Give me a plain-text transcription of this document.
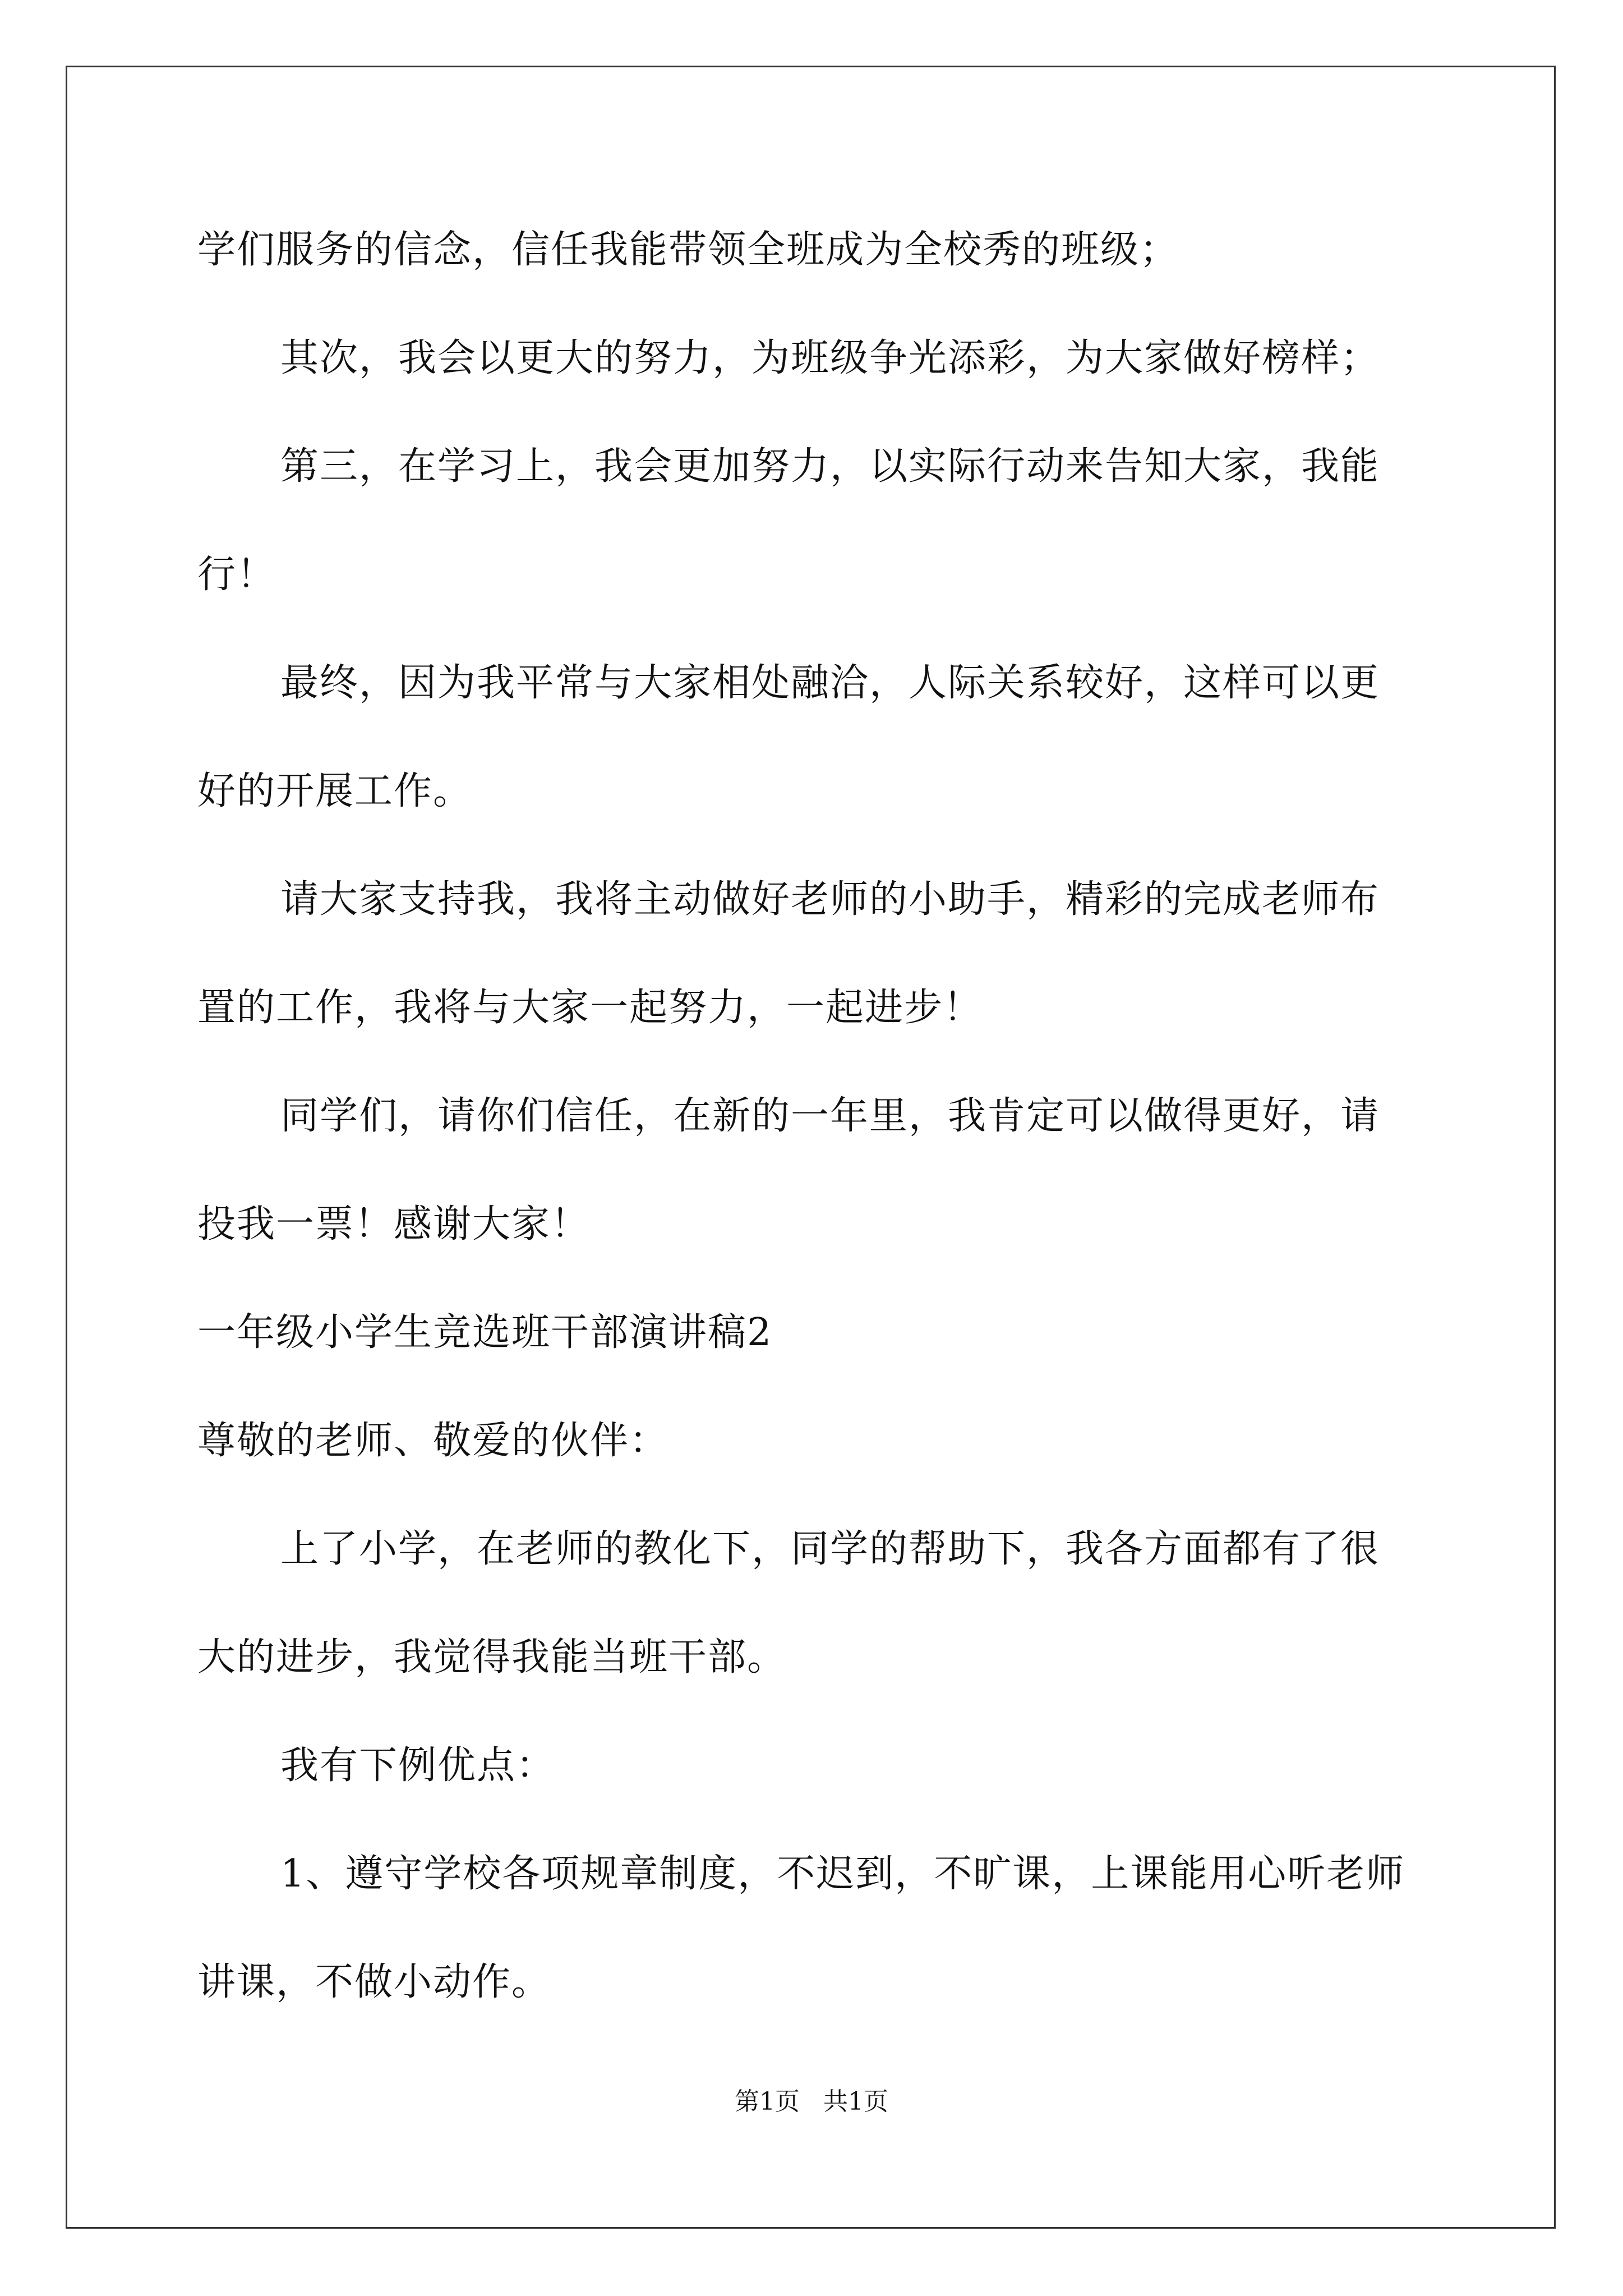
学们服务的信念，信任我能带领全班成为全校秀的班级；
其次，我会以更大的努力，为班级争光添彩，为大家做好榜样；
第三，在学习上，我会更加努力，以实际行动来告知大家，我能
行！
最终，因为我平常与大家相处融洽，人际关系较好，这样可以更
好的开展工作。
请大家支持我，我将主动做好老师的小助手，精彩的完成老师布
置的工作，我将与大家一起努力，一起进步！
同学们，请你们信任，在新的一年里，我肯定可以做得更好，请
投我一票！感谢大家！
一年级小学生竞选班干部演讲稿2
尊敬的老师、敬爱的伙伴：
上了小学，在老师的教化下，同学的帮助下，我各方面都有了很
大的进步，我觉得我能当班干部。
我有下例优点：
1、遵守学校各项规章制度，不迟到，不旷课，上课能用心听老师
讲课，不做小动作。
第1页   共1页
